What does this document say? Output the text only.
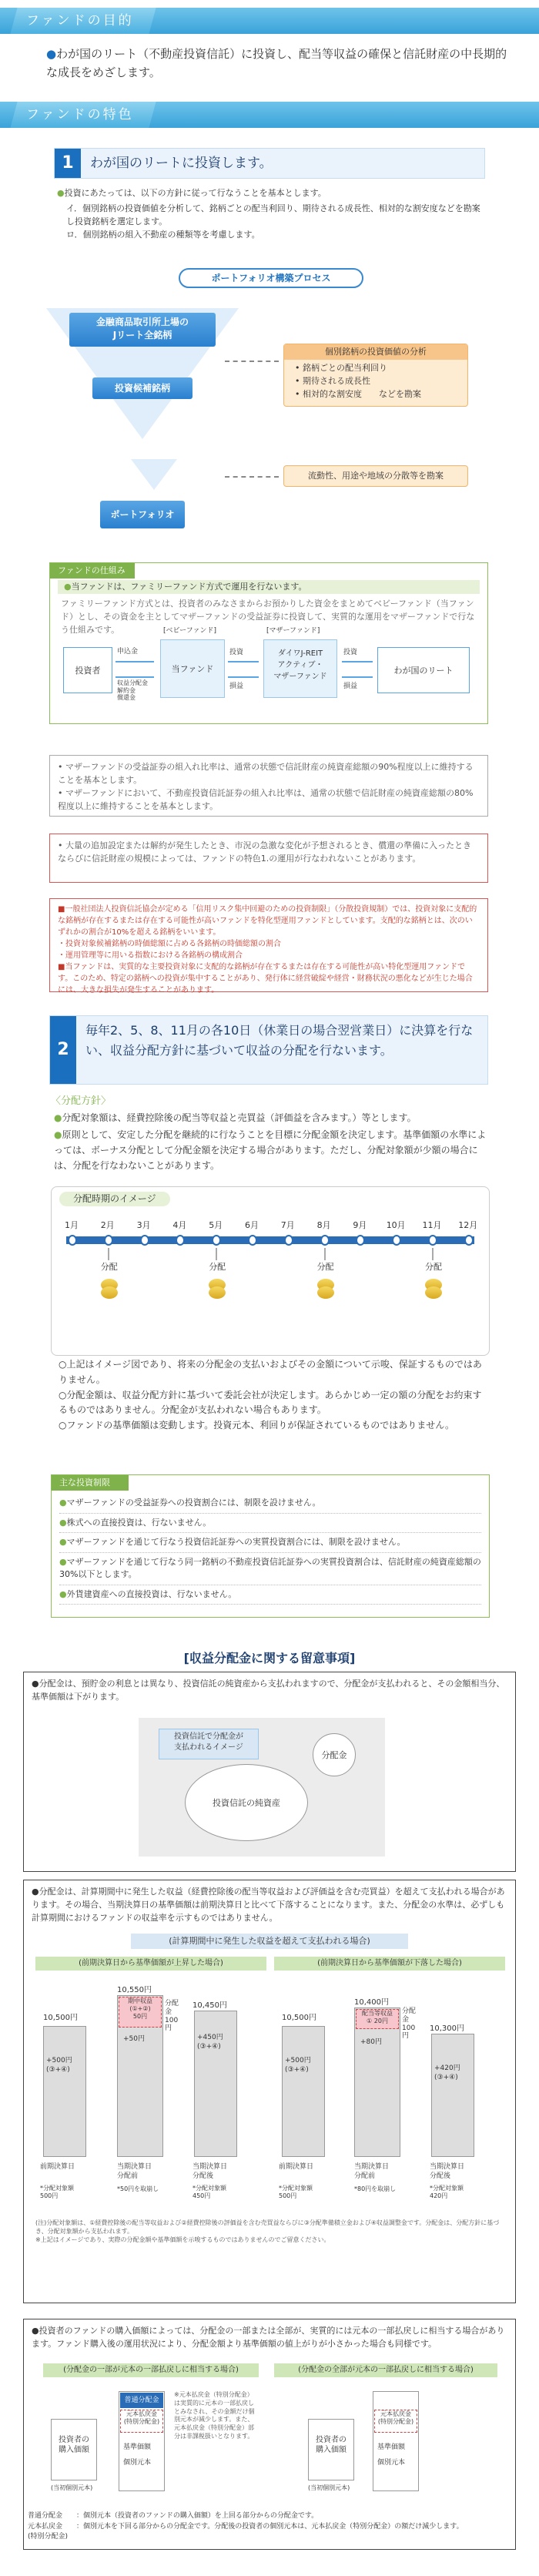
ファンドの目的
●わが国のリート（不動産投資信託）に投資し、配当等収益の確保と信託財産の中長期的な成長をめざします。
ファンドの特色
1	わが国のリートに投資します。
●投資にあたっては、以下の方針に従って行なうことを基本とします。
イ．個別銘柄の投資価値を分析して、銘柄ごとの配当利回り、期待される成長性、相対的な割安度などを勘案し投資銘柄を選定します。
ロ．個別銘柄の組入不動産の種類等を考慮します。
ポートフォリオ構築プロセス
金融商品取引所上場の
Jリート全銘柄
投資候補銘柄
ポートフォリオ
個別銘柄の投資価値の分析
• 銘柄ごとの配当利回り
• 期待される成長性
• 相対的な割安度　　などを勘案
流動性、用途や地域の分散等を勘案
ファンドの仕組み
●当ファンドは、ファミリーファンド方式で運用を行ないます。
ファミリーファンド方式とは、投資者のみなさまからお預かりした資金をまとめてベビーファンド（当ファンド）とし、その資金を主としてマザーファンドの受益証券に投資して、実質的な運用をマザーファンドで行なう仕組みです。
投資者
申込金
収益分配金
解約金
償還金
[ベビーファンド]
当ファンド
投資
損益
[マザーファンド]
ダイワJ-REIT
アクティブ・
マザーファンド
投資
損益
わが国のリート
• マザーファンドの受益証券の組入れ比率は、通常の状態で信託財産の純資産総額の90%程度以上に維持することを基本とします。
• マザーファンドにおいて、不動産投資信託証券の組入れ比率は、通常の状態で信託財産の純資産総額の80%程度以上に維持することを基本とします。
• 大量の追加設定または解約が発生したとき、市況の急激な変化が予想されるとき、償還の準備に入ったときならびに信託財産の規模によっては、ファンドの特色1.の運用が行なわれないことがあります。
■一般社団法人投資信託協会が定める「信用リスク集中回避のための投資制限」（分散投資規制）では、投資対象に支配的な銘柄が存在するまたは存在する可能性が高いファンドを特化型運用ファンドとしています。支配的な銘柄とは、次のいずれかの割合が10%を超える銘柄をいいます。
・投資対象候補銘柄の時価総額に占める各銘柄の時価総額の割合
・運用管理等に用いる指数における各銘柄の構成割合
■当ファンドは、実質的な主要投資対象に支配的な銘柄が存在するまたは存在する可能性が高い特化型運用ファンドです。このため、特定の銘柄への投資が集中することがあり、発行体に経営破綻や経営・財務状況の悪化などが生じた場合には、大きな損失が発生することがあります。
2
毎年2、5、8、11月の各10日（休業日の場合翌営業日）に決算を行ない、収益分配方針に基づいて収益の分配を行ないます。
〈分配方針〉
●分配対象額は、経費控除後の配当等収益と売買益（評価益を含みます。）等とします。
●原則として、安定した分配を継続的に行なうことを目標に分配金額を決定します。基準価額の水準によっては、ボーナス分配として分配金額を決定する場合があります。ただし、分配対象額が少額の場合には、分配を行なわないことがあります。
分配時期のイメージ
1月	2月
分配
3月	4月	5月
分配
6月	7月	8月
分配
9月	10月 11月
分配
12月
○上記はイメージ図であり、将来の分配金の支払いおよびその金額について示唆、保証するものではありません。
○分配金額は、収益分配方針に基づいて委託会社が決定します。あらかじめ一定の額の分配をお約束するものではありません。分配金が支払われない場合もあります。
○ファンドの基準価額は変動します。投資元本、利回りが保証されているものではありません。
主な投資制限
●マザーファンドの受益証券への投資割合には、制限を設けません。
●株式への直接投資は、行ないません。
●マザーファンドを通じて行なう投資信託証券への実質投資割合には、制限を設けません。
●マザーファンドを通じて行なう同一銘柄の不動産投資信託証券への実質投資割合は、信託財産の純資産総額の30%以下とします。
●外貨建資産への直接投資は、行ないません。
[収益分配金に関する留意事項]
●分配金は、預貯金の利息とは異なり、投資信託の純資産から支払われますので、分配金が支払われると、その金額相当分、基準価額は下がります。
投資信託で分配金が
支払われるイメージ
投資信託の純資産
分配金
●分配金は、計算期間中に発生した収益（経費控除後の配当等収益および評価益を含む売買益）を超えて支払われる場合があります。その場合、当期決算日の基準価額は前期決算日と比べて下落することになります。また、分配金の水準は、必ずしも計算期間におけるファンドの収益率を示すものではありません。
(計算期間中に発生した収益を超えて支払われる場合)
(前期決算日から基準価額が上昇した場合)
10,500円
+500円
(③+④)
10,550円
期中収益
(①+②)
50円
+50円
分配金
100円
10,450円
+450円
(③+④)
前期決算日	当期決算日
分配前
当期決算日
分配後
*分配対象額
500円
*50円を取崩し	*分配対象額
450円
(前期決算日から基準価額が下落した場合)
10,500円
+500円
(③+④)
10,400円
配当等収益
① 20円
+80円
分配金
100円
10,300円
+420円
(③+④)
前期決算日	当期決算日
分配前
当期決算日
分配後
*分配対象額
500円
*80円を取崩し	*分配対象額
420円
(注)分配対象額は、①経費控除後の配当等収益および②経費控除後の評価益を含む売買益ならびに③分配準備積立金および④収益調整金です。分配金は、分配方針に基づき、分配対象額から支払われます。
※上記はイメージであり、実際の分配金額や基準価額を示唆するものではありませんのでご留意ください。
●投資者のファンドの購入価額によっては、分配金の一部または全部が、実質的には元本の一部払戻しに相当する場合があります。ファンド購入後の運用状況により、分配金額より基準価額の値上がりが小さかった場合も同様です。
(分配金の一部が元本の一部払戻しに相当する場合)	(分配金の全部が元本の一部払戻しに相当する場合)
投資者の
購入価額
(当初個別元本)
普通分配金
元本払戻金
(特別分配金)
基準価額
個別元本
※元本払戻金（特別分配金）は実質的に元本の一部払戻しとみなされ、その金額だけ個別元本が減少します。また、元本払戻金（特別分配金）部分は非課税扱いとなります。	投資者の
購入価額
(当初個別元本)
元本払戻金
(特別分配金)
基準価額
個別元本
普通分配金　　：個別元本（投資者のファンドの購入価額）を上回る部分からの分配金です。
元本払戻金　　：個別元本を下回る部分からの分配金です。分配後の投資者の個別元本は、元本払戻金（特別分配金）の額だけ減少します。
(特別分配金)
